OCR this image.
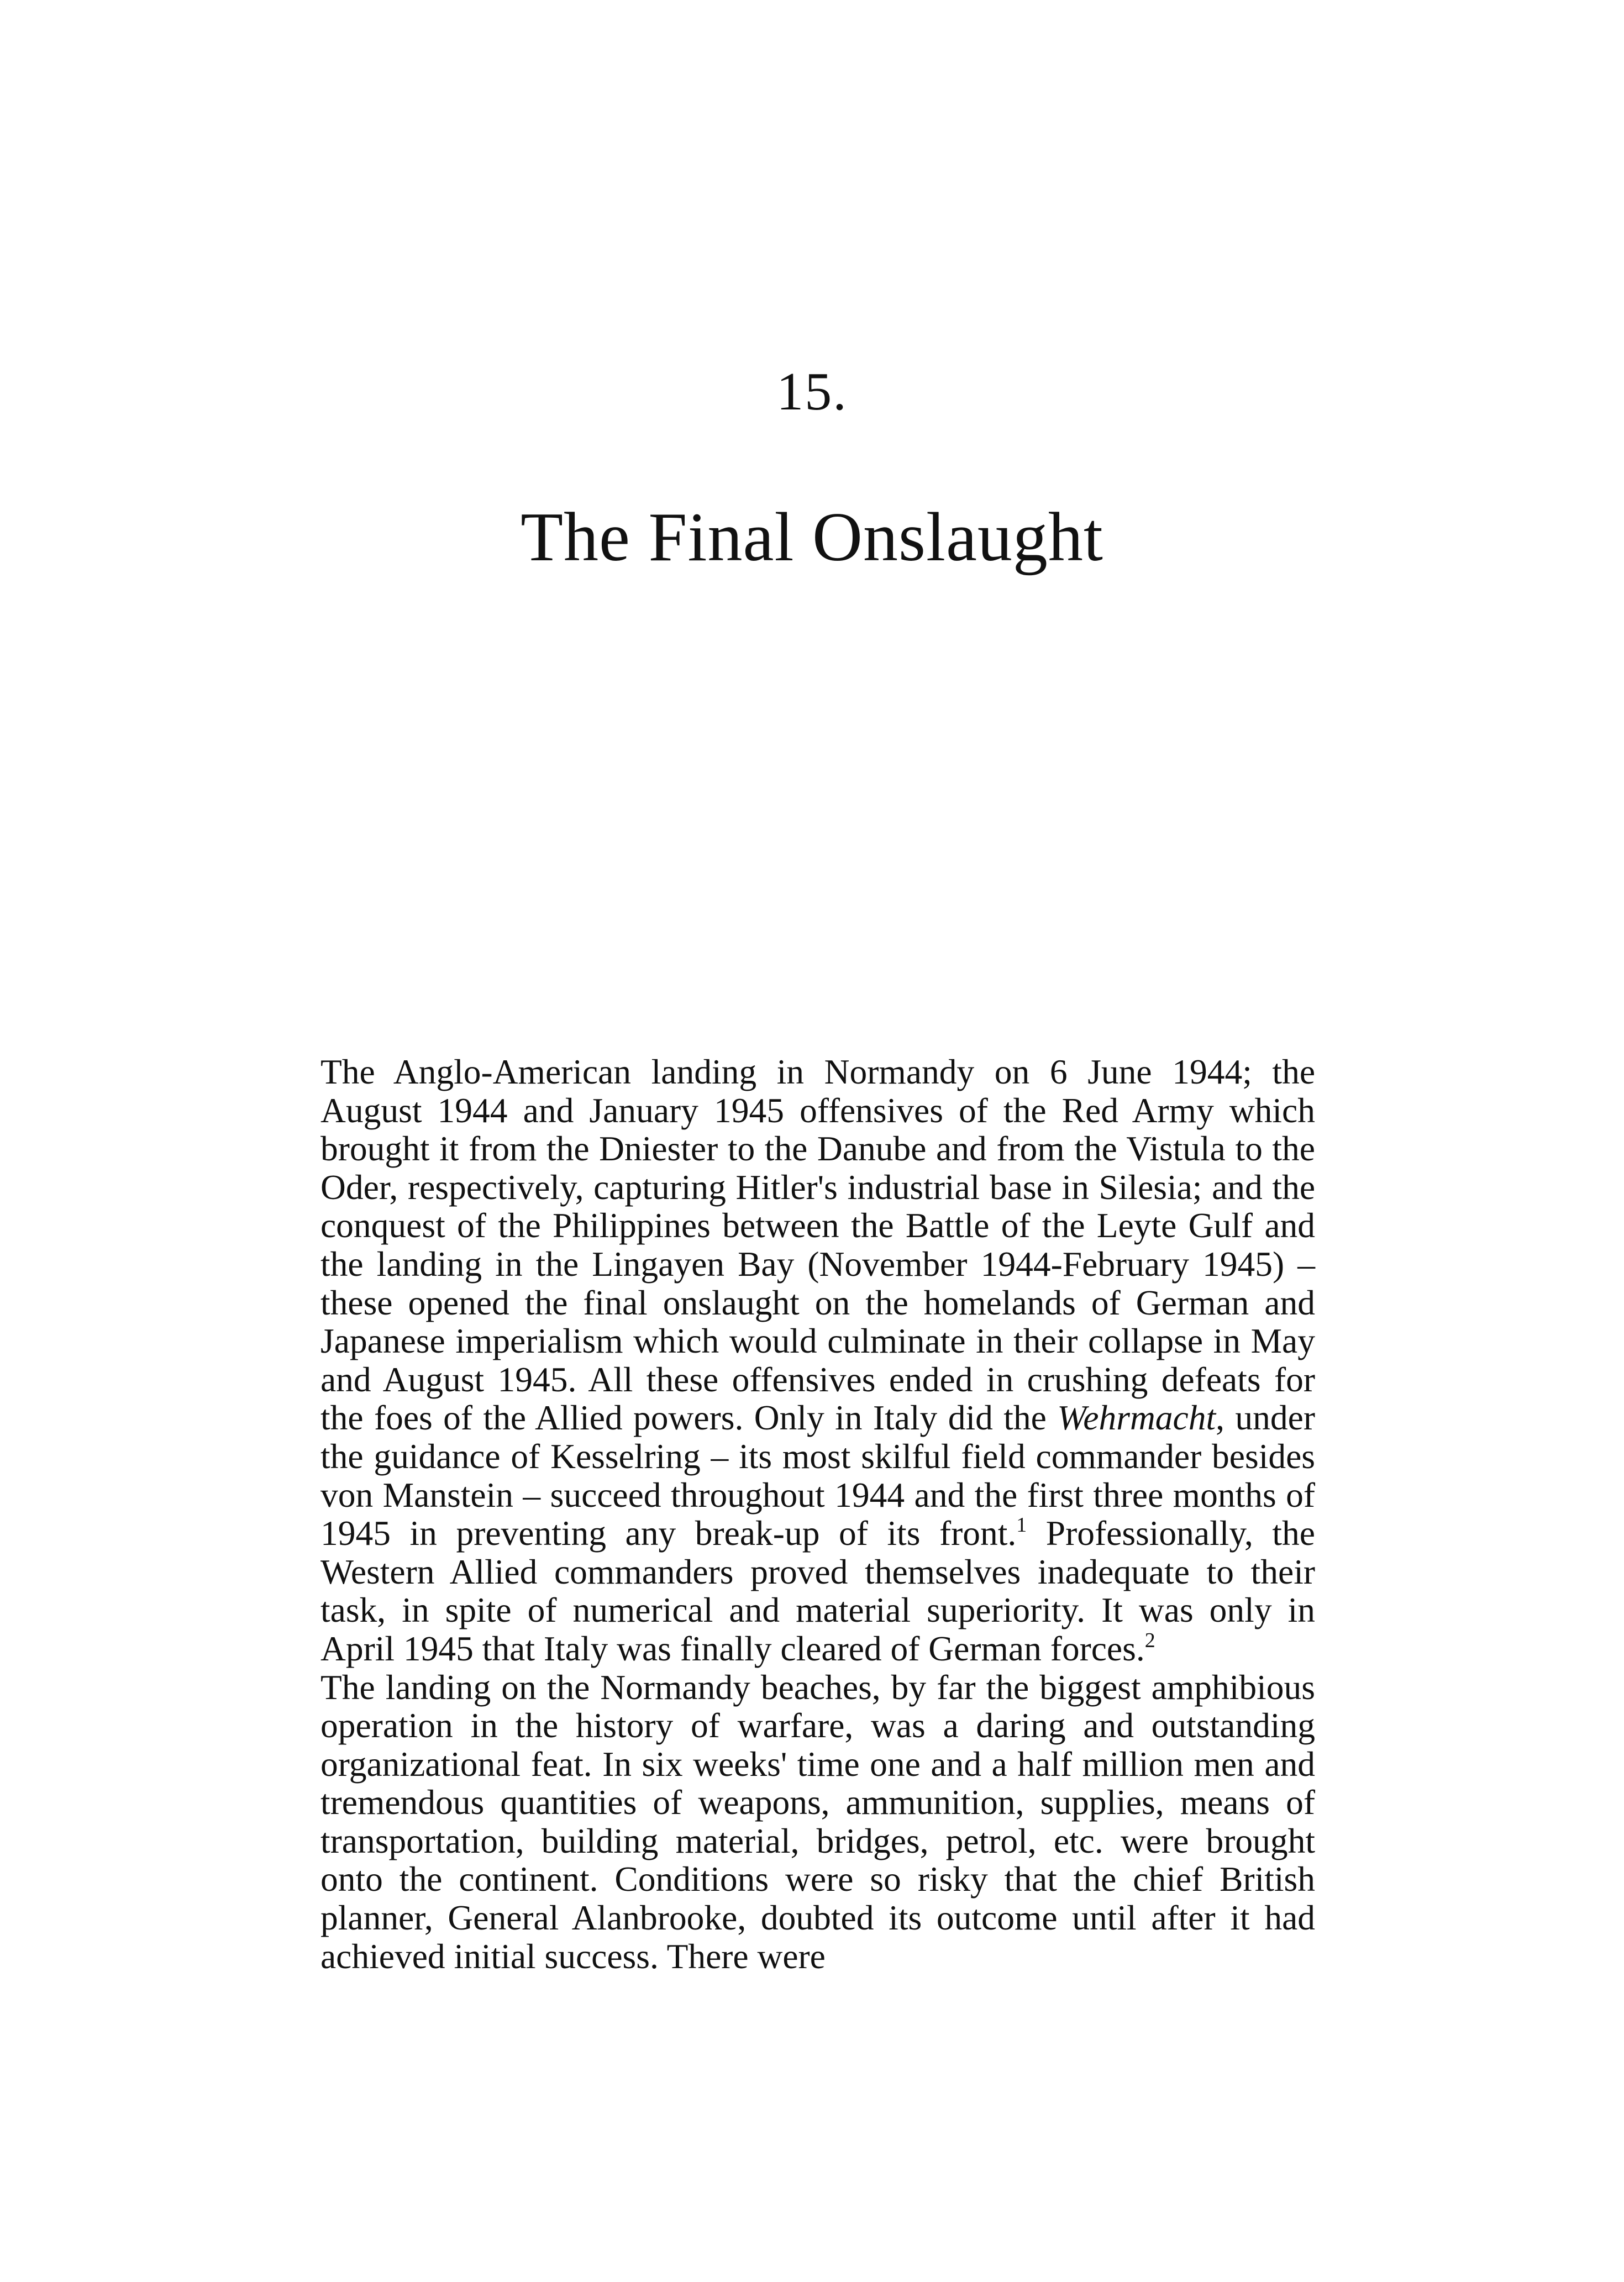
15.
The Final Onslaught

The Anglo-American landing in Normandy on 6 June 1944; the August 1944 and January 1945 offensives of the Red Army which brought it from the Dniester to the Danube and from the Vistula to the Oder, respectively, capturing Hitler's industrial base in Silesia; and the conquest of the Philippines between the Battle of the Leyte Gulf and the landing in the Lingayen Bay (November 1944-February 1945) – these opened the final onslaught on the homelands of German and Japanese imperialism which would culminate in their collapse in May and August 1945. All these offensives ended in crushing defeats for the foes of the Allied powers. Only in Italy did the Wehrmacht, under the guidance of Kesselring – its most skilful field commander besides von Manstein – succeed throughout 1944 and the first three months of 1945 in preventing any break-up of its front.$^1$ Professionally, the Western Allied commanders proved themselves inadequate to their task, in spite of numerical and material superiority. It was only in April 1945 that Italy was finally cleared of German forces.$^2$

The landing on the Normandy beaches, by far the biggest amphibious operation in the history of warfare, was a daring and outstanding organizational feat. In six weeks' time one and a half million men and tremendous quantities of weapons, ammunition, supplies, means of transportation, building material, bridges, petrol, etc. were brought onto the continent. Conditions were so risky that the chief British planner, General Alanbrooke, doubted its outcome until after it had achieved initial success. There were
